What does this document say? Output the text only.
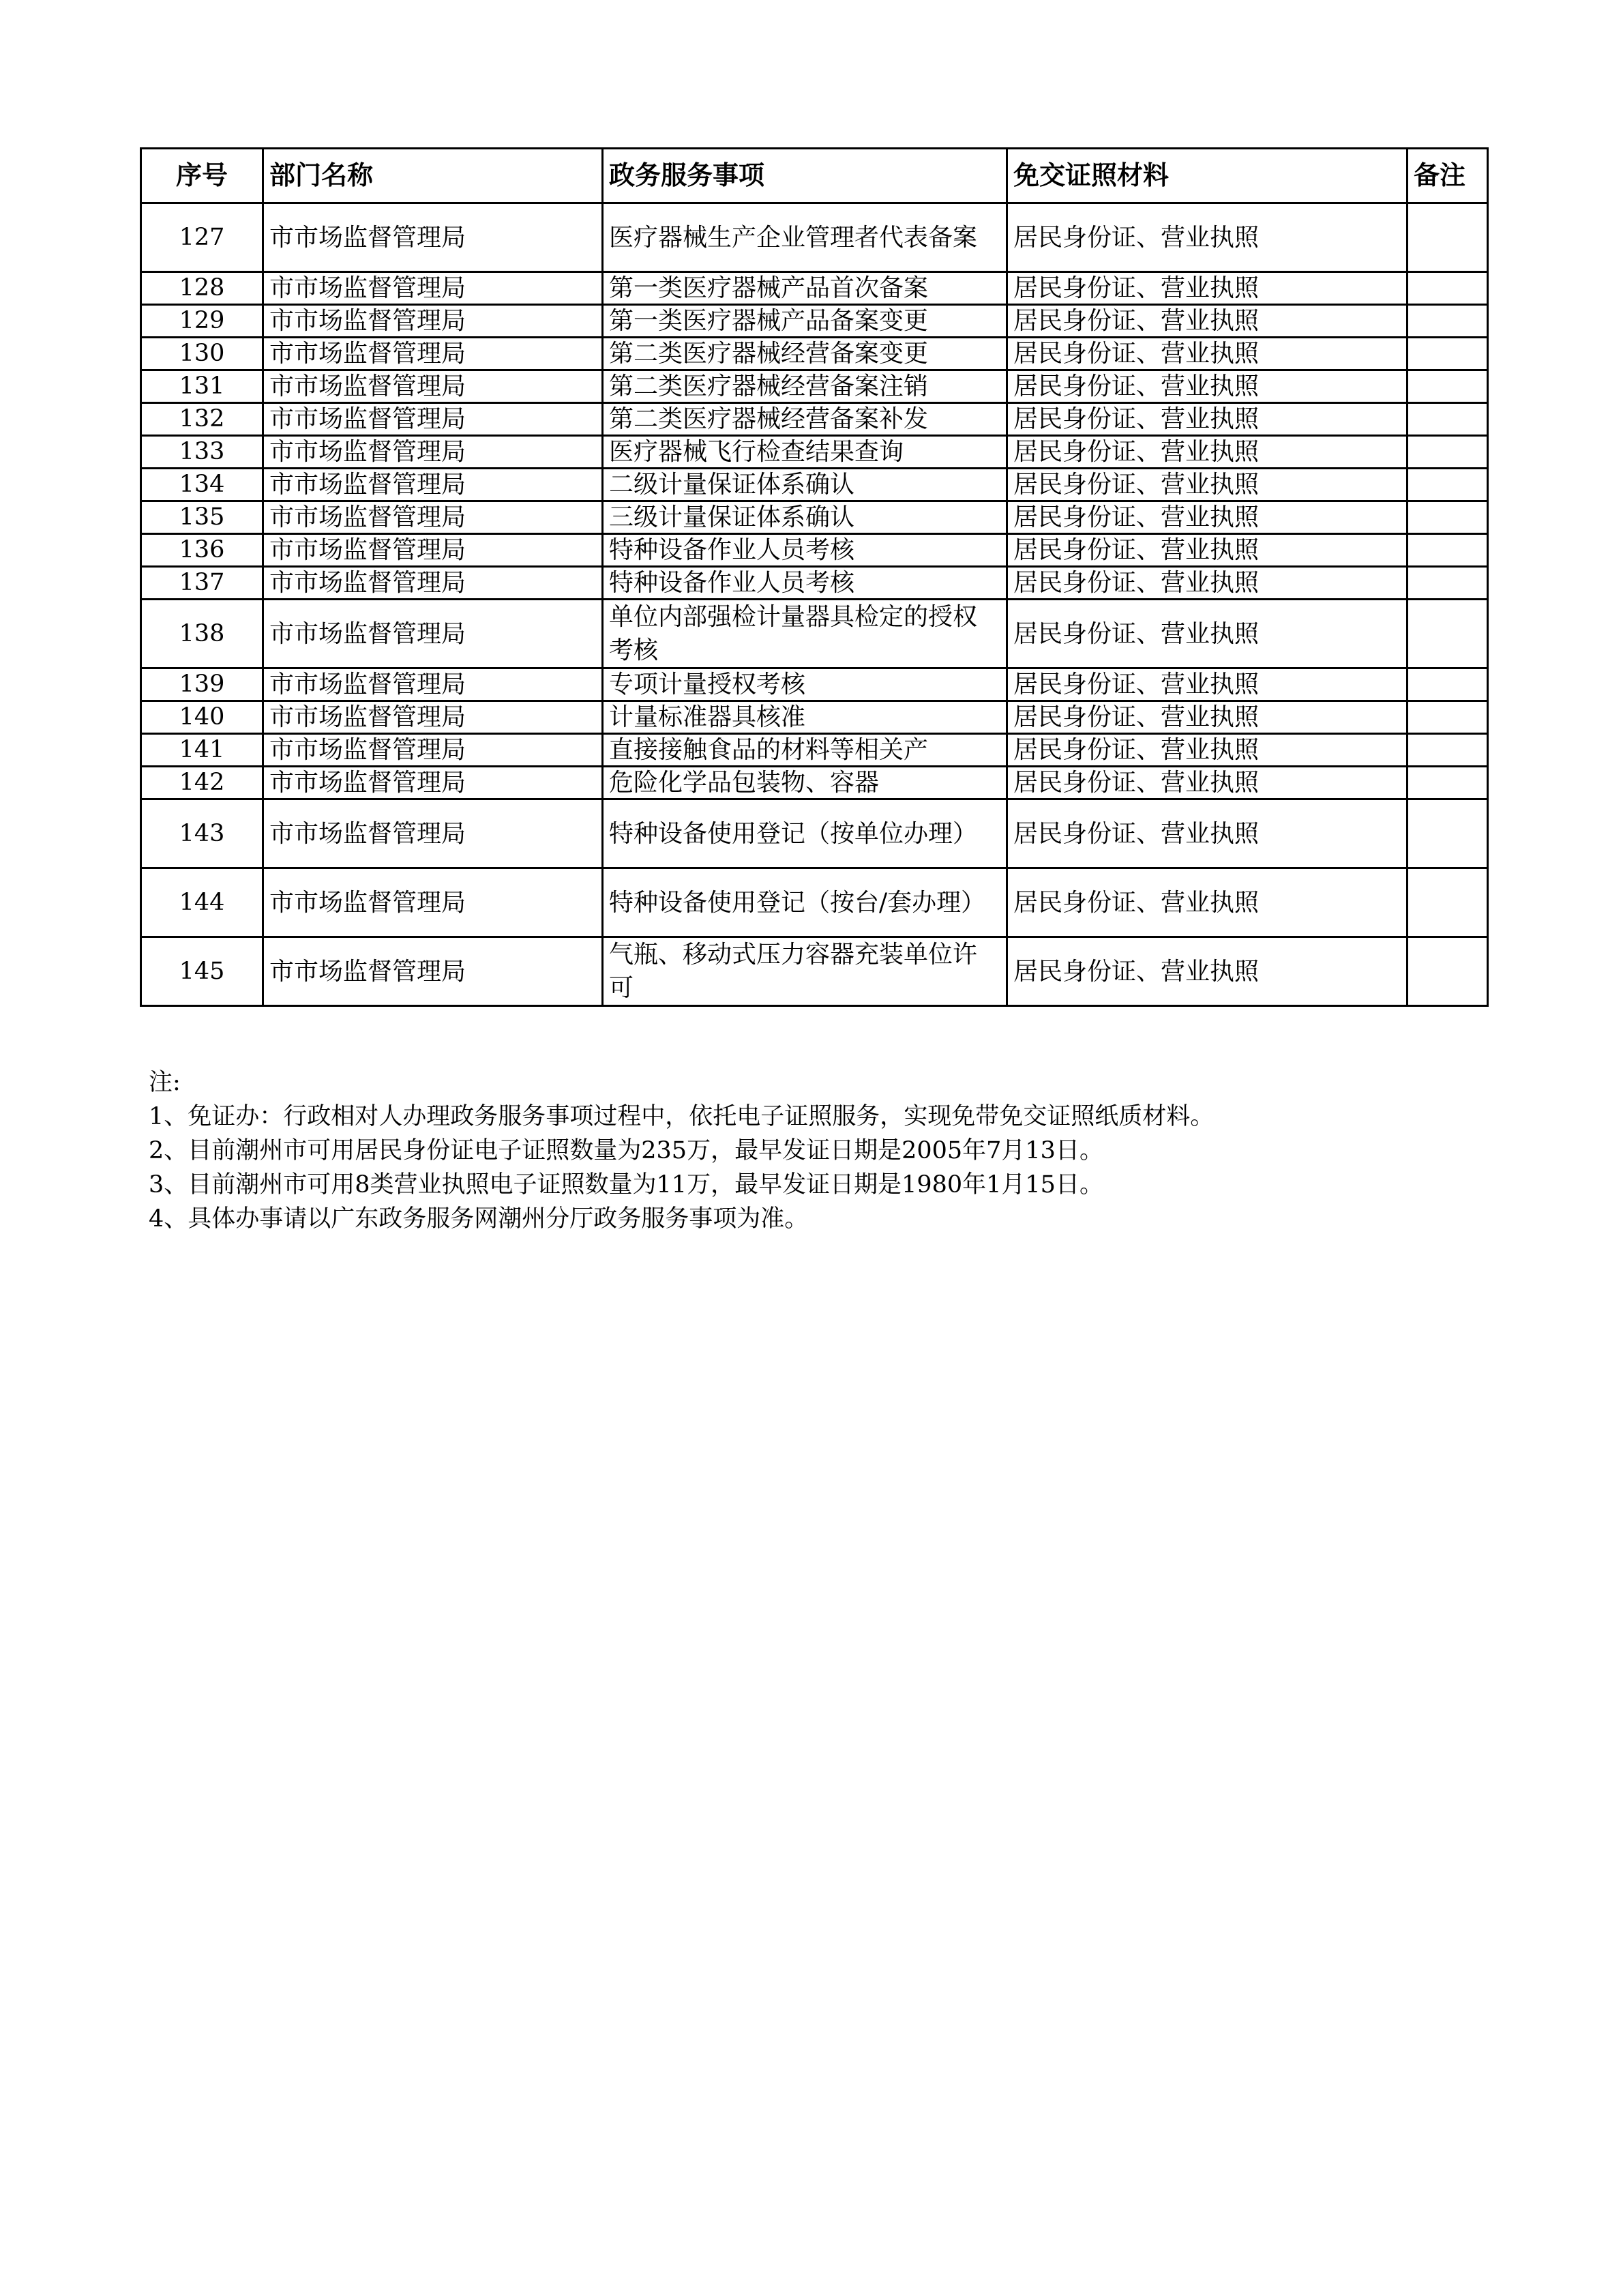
序号	部门名称	政务服务事项	免交证照材料	备注
127	市市场监督管理局	医疗器械生产企业管理者代表备案	居民身份证、营业执照	
128	市市场监督管理局	第一类医疗器械产品首次备案	居民身份证、营业执照	
129	市市场监督管理局	第一类医疗器械产品备案变更	居民身份证、营业执照	
130	市市场监督管理局	第二类医疗器械经营备案变更	居民身份证、营业执照	
131	市市场监督管理局	第二类医疗器械经营备案注销	居民身份证、营业执照	
132	市市场监督管理局	第二类医疗器械经营备案补发	居民身份证、营业执照	
133	市市场监督管理局	医疗器械飞行检查结果查询	居民身份证、营业执照	
134	市市场监督管理局	二级计量保证体系确认	居民身份证、营业执照	
135	市市场监督管理局	三级计量保证体系确认	居民身份证、营业执照	
136	市市场监督管理局	特种设备作业人员考核	居民身份证、营业执照	
137	市市场监督管理局	特种设备作业人员考核	居民身份证、营业执照	
138	市市场监督管理局	单位内部强检计量器具检定的授权考核	居民身份证、营业执照	
139	市市场监督管理局	专项计量授权考核	居民身份证、营业执照	
140	市市场监督管理局	计量标准器具核准	居民身份证、营业执照	
141	市市场监督管理局	直接接触食品的材料等相关产	居民身份证、营业执照	
142	市市场监督管理局	危险化学品包装物、容器	居民身份证、营业执照	
143	市市场监督管理局	特种设备使用登记（按单位办理）	居民身份证、营业执照	
144	市市场监督管理局	特种设备使用登记（按台/套办理）	居民身份证、营业执照	
145	市市场监督管理局	气瓶、移动式压力容器充装单位许可	居民身份证、营业执照	
注:
1、免证办：行政相对人办理政务服务事项过程中，依托电子证照服务，实现免带免交证照纸质材料。
2、目前潮州市可用居民身份证电子证照数量为235万，最早发证日期是2005年7月13日。
3、目前潮州市可用8类营业执照电子证照数量为11万，最早发证日期是1980年1月15日。
4、具体办事请以广东政务服务网潮州分厅政务服务事项为准。
